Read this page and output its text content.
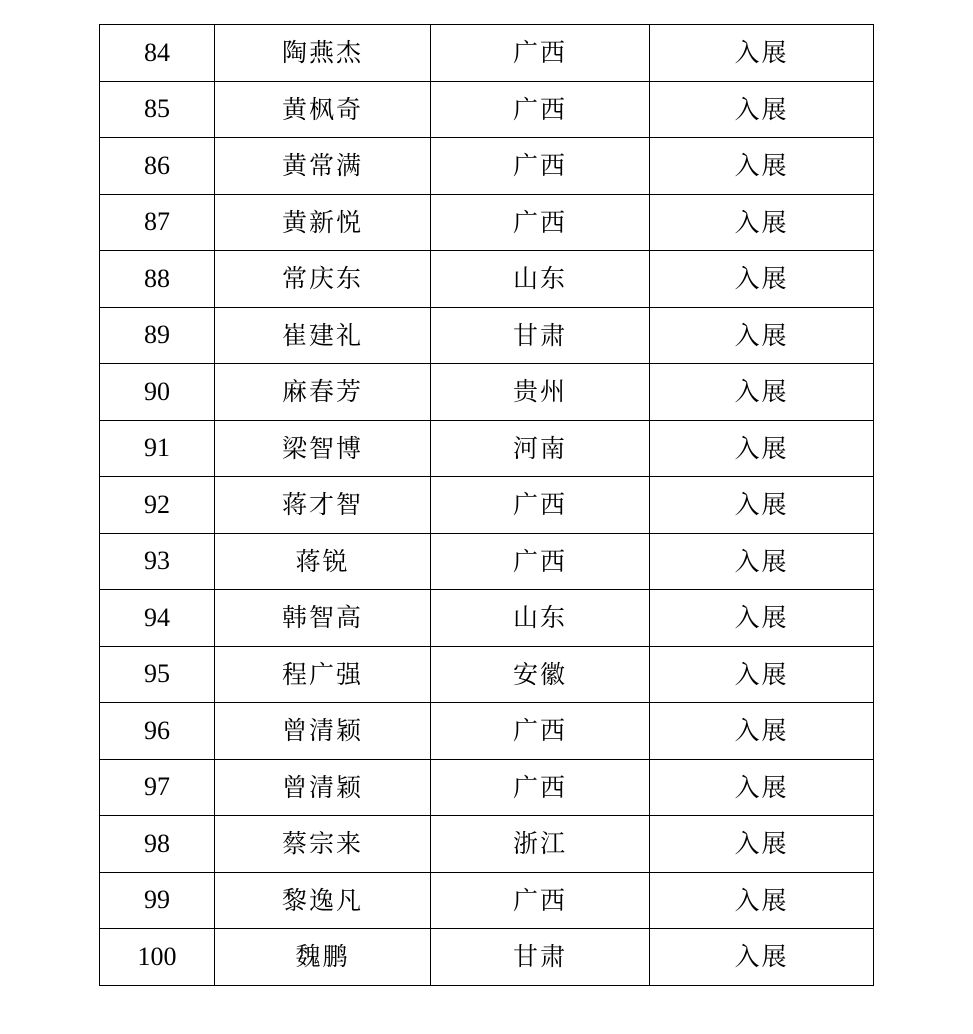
84	陶燕杰	广西	入展
85	黄枫奇	广西	入展
86	黄常满	广西	入展
87	黄新悦	广西	入展
88	常庆东	山东	入展
89	崔建礼	甘肃	入展
90	麻春芳	贵州	入展
91	梁智博	河南	入展
92	蒋才智	广西	入展
93	蒋锐	广西	入展
94	韩智高	山东	入展
95	程广强	安徽	入展
96	曾清颖	广西	入展
97	曾清颖	广西	入展
98	蔡宗来	浙江	入展
99	黎逸凡	广西	入展
100	魏鹏	甘肃	入展
